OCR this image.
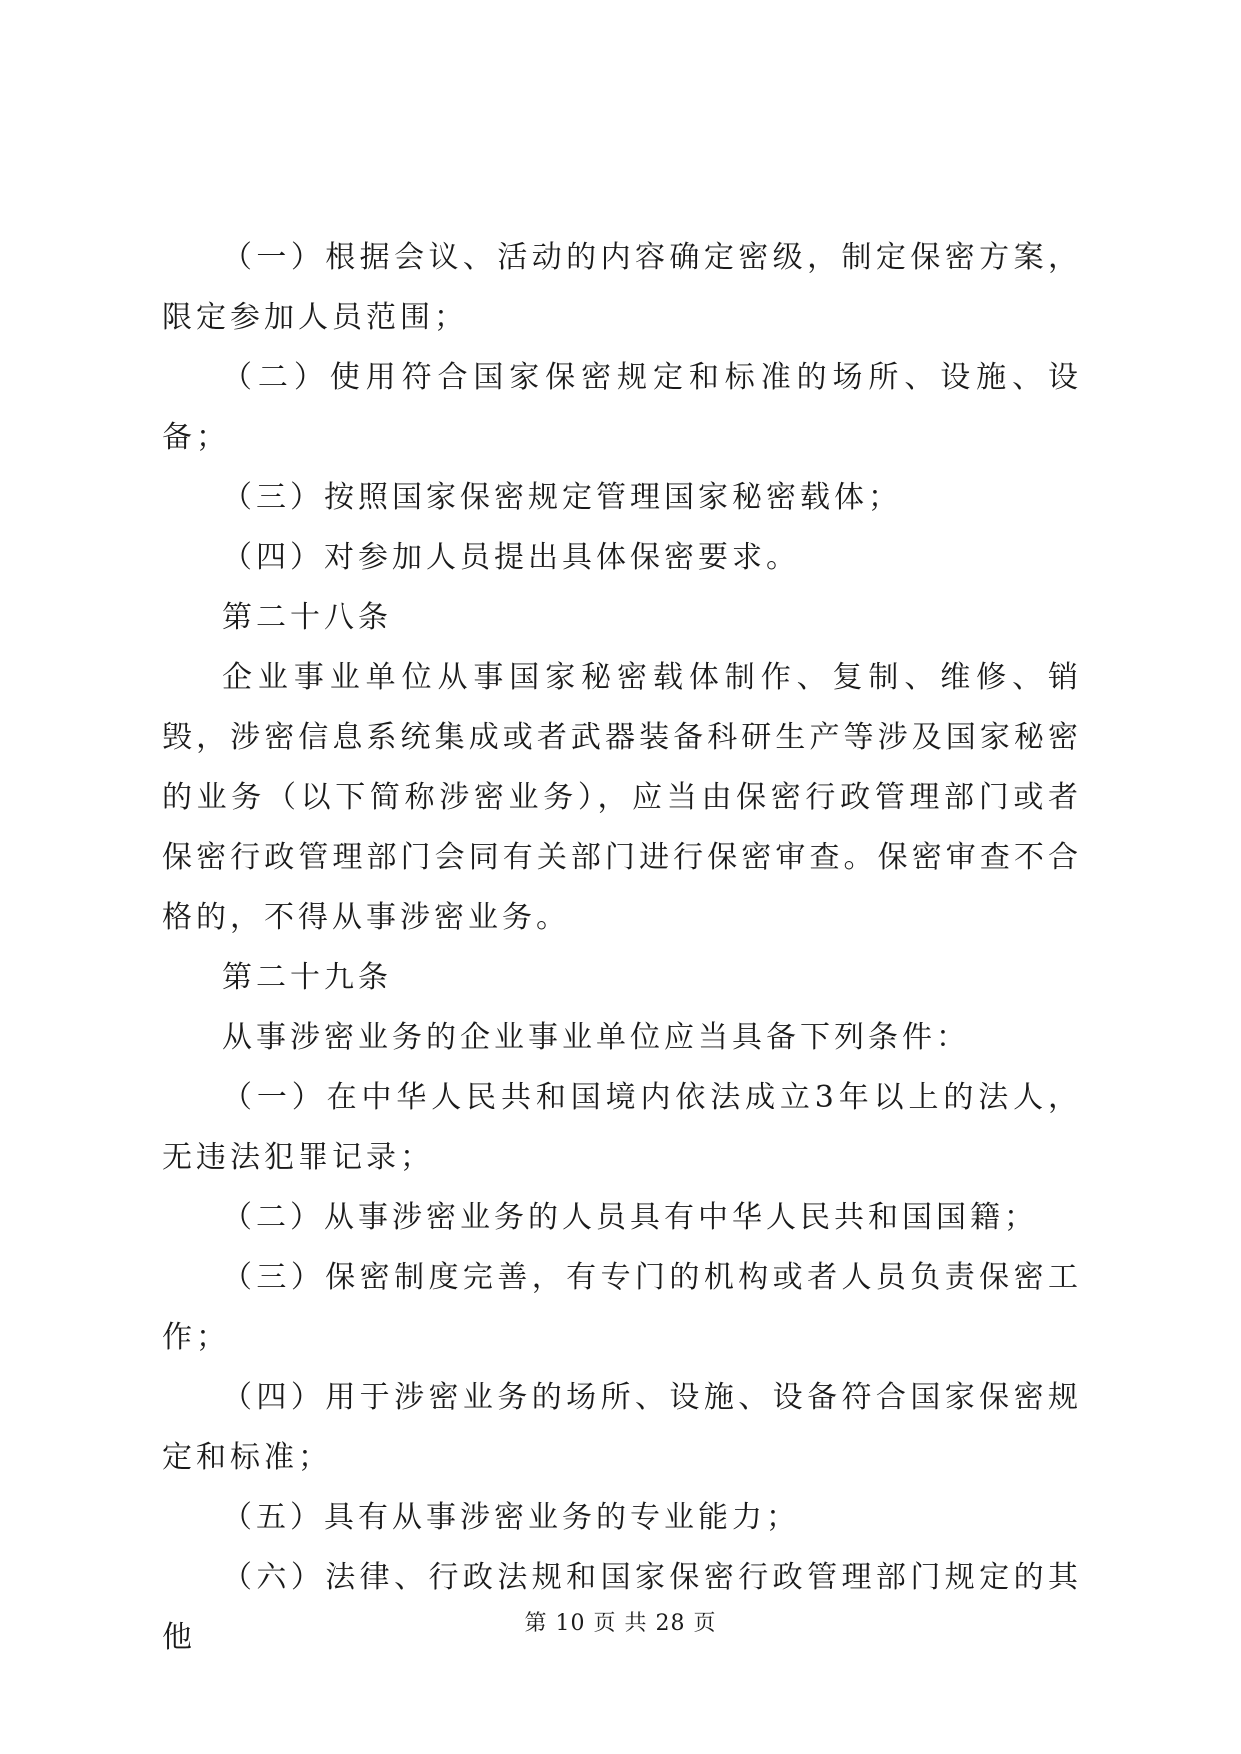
（一）根据会议、活动的内容确定密级，制定保密方案，限定参加人员范围；

（二）使用符合国家保密规定和标准的场所、设施、设备；

（三）按照国家保密规定管理国家秘密载体；

（四）对参加人员提出具体保密要求。

第二十八条

企业事业单位从事国家秘密载体制作、复制、维修、销毁，涉密信息系统集成或者武器装备科研生产等涉及国家秘密的业务（以下简称涉密业务），应当由保密行政管理部门或者保密行政管理部门会同有关部门进行保密审查。保密审查不合格的，不得从事涉密业务。

第二十九条

从事涉密业务的企业事业单位应当具备下列条件：

（一）在中华人民共和国境内依法成立3年以上的法人，无违法犯罪记录；

（二）从事涉密业务的人员具有中华人民共和国国籍；

（三）保密制度完善，有专门的机构或者人员负责保密工作；

（四）用于涉密业务的场所、设施、设备符合国家保密规定和标准；

（五）具有从事涉密业务的专业能力；

（六）法律、行政法规和国家保密行政管理部门规定的其他	第 10 页 共 28 页
